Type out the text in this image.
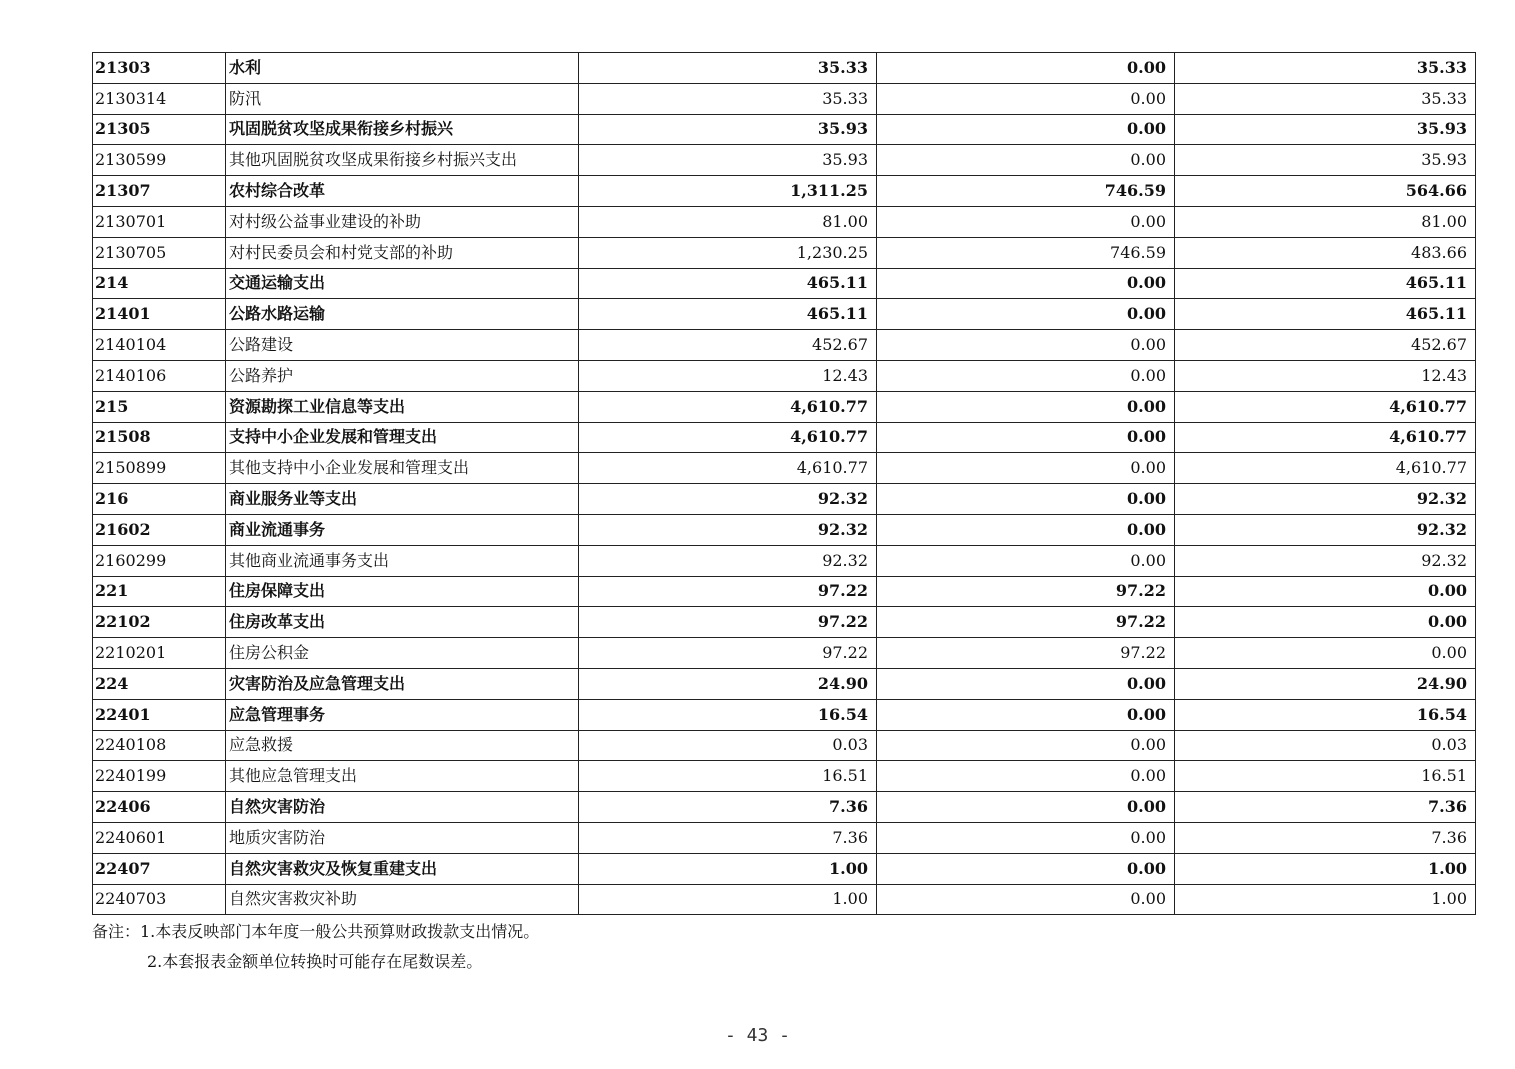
21303	水利	35.33	0.00	35.33
2130314	防汛	35.33	0.00	35.33
21305	巩固脱贫攻坚成果衔接乡村振兴	35.93	0.00	35.93
2130599	其他巩固脱贫攻坚成果衔接乡村振兴支出	35.93	0.00	35.93
21307	农村综合改革	1,311.25	746.59	564.66
2130701	对村级公益事业建设的补助	81.00	0.00	81.00
2130705	对村民委员会和村党支部的补助	1,230.25	746.59	483.66
214	交通运输支出	465.11	0.00	465.11
21401	公路水路运输	465.11	0.00	465.11
2140104	公路建设	452.67	0.00	452.67
2140106	公路养护	12.43	0.00	12.43
215	资源勘探工业信息等支出	4,610.77	0.00	4,610.77
21508	支持中小企业发展和管理支出	4,610.77	0.00	4,610.77
2150899	其他支持中小企业发展和管理支出	4,610.77	0.00	4,610.77
216	商业服务业等支出	92.32	0.00	92.32
21602	商业流通事务	92.32	0.00	92.32
2160299	其他商业流通事务支出	92.32	0.00	92.32
221	住房保障支出	97.22	97.22	0.00
22102	住房改革支出	97.22	97.22	0.00
2210201	住房公积金	97.22	97.22	0.00
224	灾害防治及应急管理支出	24.90	0.00	24.90
22401	应急管理事务	16.54	0.00	16.54
2240108	应急救援	0.03	0.00	0.03
2240199	其他应急管理支出	16.51	0.00	16.51
22406	自然灾害防治	7.36	0.00	7.36
2240601	地质灾害防治	7.36	0.00	7.36
22407	自然灾害救灾及恢复重建支出	1.00	0.00	1.00
2240703	自然灾害救灾补助	1.00	0.00	1.00
备注：1.本表反映部门本年度一般公共预算财政拨款支出情况。
2.本套报表金额单位转换时可能存在尾数误差。
- 43 -
